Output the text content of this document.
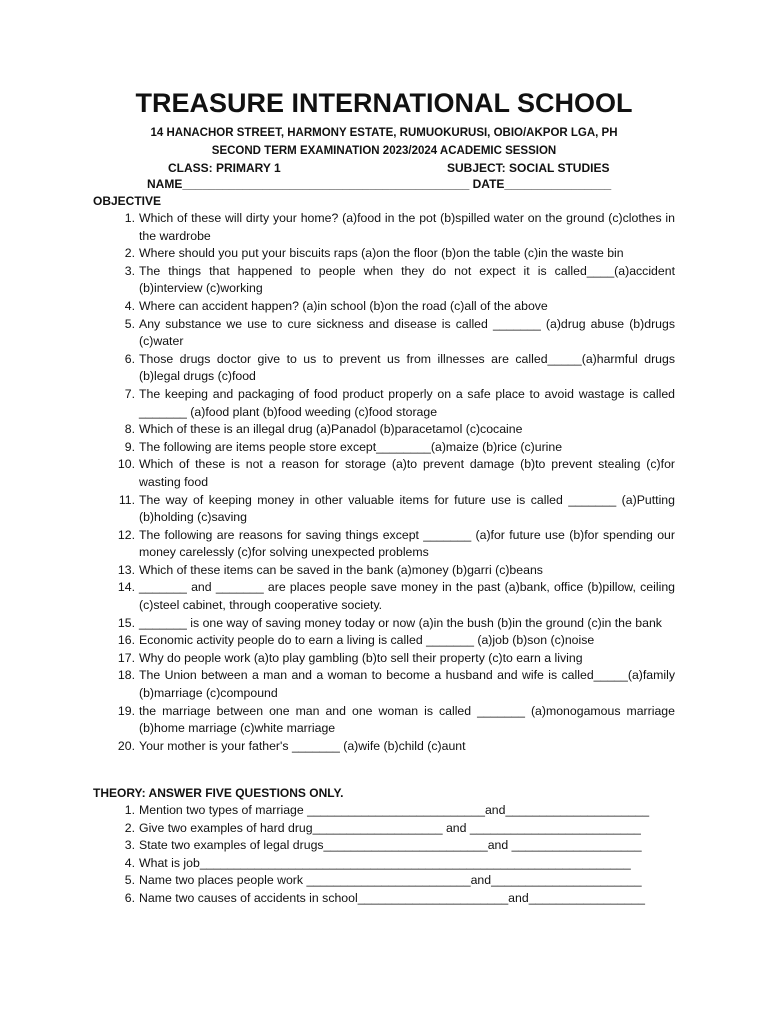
TREASURE INTERNATIONAL SCHOOL
14 HANACHOR STREET, HARMONY ESTATE, RUMUOKURUSI, OBIO/AKPOR LGA, PH
SECOND TERM EXAMINATION 2023/2024 ACADEMIC SESSION
CLASS: PRIMARY 1	SUBJECT: SOCIAL STUDIES
NAME___________________________________________ DATE________________
OBJECTIVE
1. Which of these will dirty your home? (a)food in the pot (b)spilled water on the ground (c)clothes in the wardrobe
2. Where should you put your biscuits raps (a)on the floor (b)on the table (c)in the waste bin
3. The things that happened to people when they do not expect it is called____(a)accident (b)interview (c)working
4. Where can accident happen? (a)in school (b)on the road (c)all of the above
5. Any substance we use to cure sickness and disease is called _______ (a)drug abuse (b)drugs (c)water
6. Those drugs doctor give to us to prevent us from illnesses are called_____(a)harmful drugs (b)legal drugs (c)food
7. The keeping and packaging of food product properly on a safe place to avoid wastage is called _______ (a)food plant (b)food weeding (c)food storage
8. Which of these is an illegal drug (a)Panadol (b)paracetamol (c)cocaine
9. The following are items people store except________(a)maize (b)rice (c)urine
10. Which of these is not a reason for storage (a)to prevent damage (b)to prevent stealing (c)for wasting food
11. The way of keeping money in other valuable items for future use is called _______ (a)Putting (b)holding (c)saving
12. The following are reasons for saving things except _______ (a)for future use (b)for spending our money carelessly (c)for solving unexpected problems
13. Which of these items can be saved in the bank (a)money (b)garri (c)beans
14. _______ and _______ are places people save money in the past (a)bank, office (b)pillow, ceiling (c)steel cabinet, through cooperative society.
15. _______ is one way of saving money today or now (a)in the bush (b)in the ground (c)in the bank
16. Economic activity people do to earn a living is called _______ (a)job (b)son (c)noise
17. Why do people work (a)to play gambling (b)to sell their property (c)to earn a living
18. The Union between a man and a woman to become a husband and wife is called_____(a)family (b)marriage (c)compound
19. the marriage between one man and one woman is called _______ (a)monogamous marriage (b)home marriage (c)white marriage
20. Your mother is your father's _______ (a)wife (b)child (c)aunt
THEORY: ANSWER FIVE QUESTIONS ONLY.
1. Mention two types of marriage __________________________and_____________________
2. Give two examples of hard drug___________________ and _________________________
3. State two examples of legal drugs________________________and ___________________
4. What is job_______________________________________________________________
5. Name two places people work ________________________and______________________
6. Name two causes of accidents in school______________________and_________________
